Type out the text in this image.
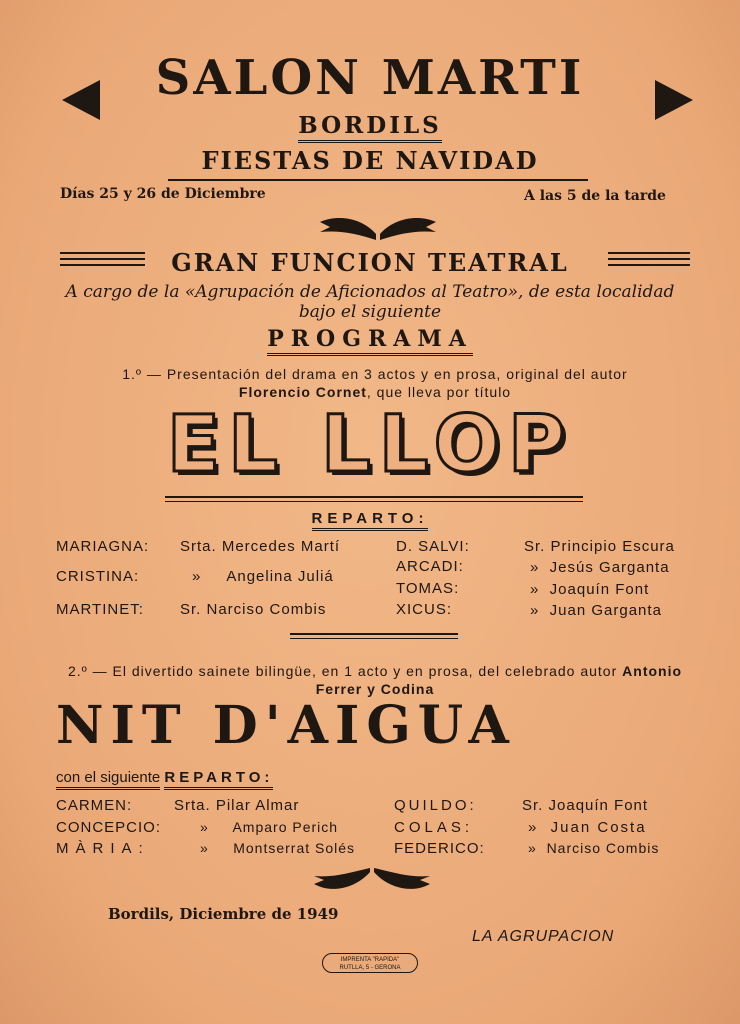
SALON MARTI
BORDILS
FIESTAS DE NAVIDAD
Días 25 y 26 de Diciembre	A las 5 de la tarde
GRAN FUNCION TEATRAL
A cargo de la «Agrupación de Aficionados al Teatro», de esta localidad bajo el siguiente
PROGRAMA
1.º — Presentación del drama en 3 actos y en prosa, original del autor
Florencio Cornet, que lleva por título
EL LLOP
REPARTO:
MARIAGNA: Srta. Mercedes Martí
CRISTINA:	»     Angelina Juliá
MARTINET: Sr. Narciso Combis
D. SALVI:	Sr. Principio Escura
ARCADI:	»  Jesús Garganta
TOMAS:	»  Joaquín Font
XICUS:	»  Juan Garganta
2.º — El divertido sainete bilingüe, en 1 acto y en prosa, del celebrado autor Antonio Ferrer y Codina
NIT D'AIGUA
con el siguiente REPARTO:
CARMEN:	Srta. Pilar Almar
CONCEPCIO:	»     Amparo Perich
MÀRIA:	»     Montserrat Solés
QUILDO:	Sr. Joaquín Font
COLAS:	»  Juan Costa
FEDERICO:	»  Narciso Combis
Bordils, Diciembre de 1949
LA AGRUPACION
IMPRENTA "RAPIDA"
RUTLLA, 5 - GERONA
